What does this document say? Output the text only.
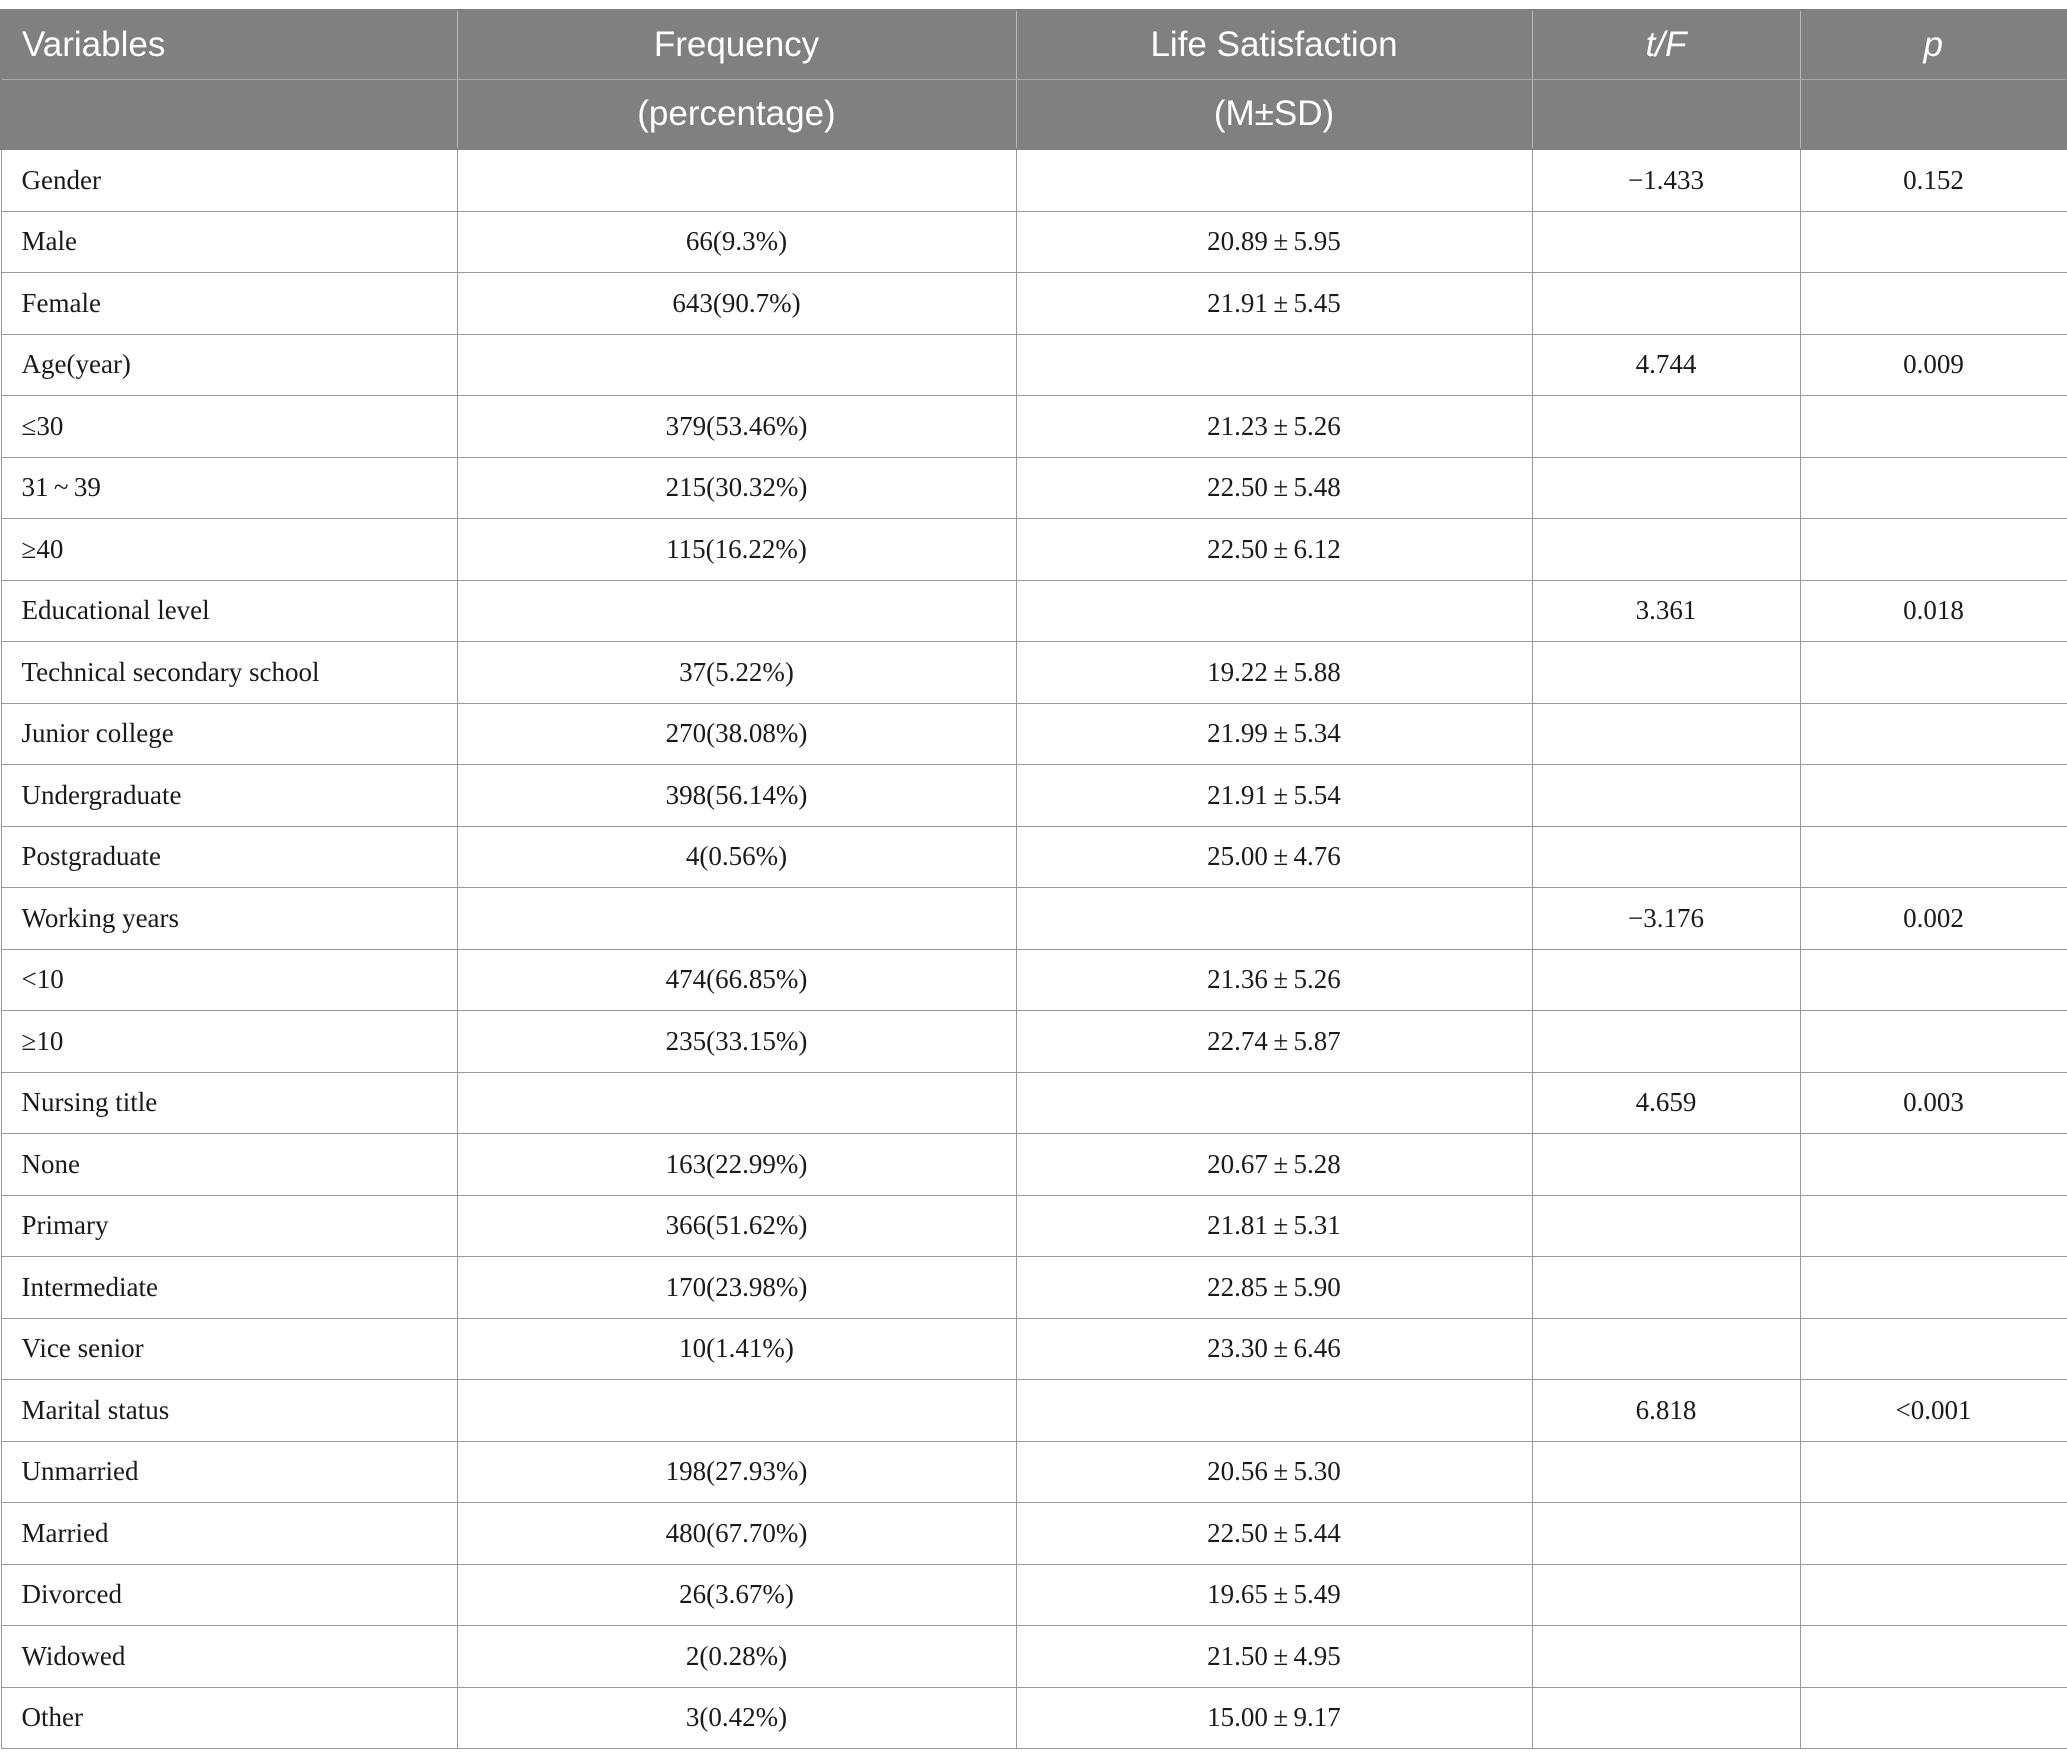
Variables	Frequency	Life Satisfaction	t/F	p
	(percentage)	(M±SD)		
Gender			−1.433	0.152
Male	66(9.3%)	20.89 ± 5.95		
Female	643(90.7%)	21.91 ± 5.45		
Age(year)			4.744	0.009
≤30	379(53.46%)	21.23 ± 5.26		
31 ~ 39	215(30.32%)	22.50 ± 5.48		
≥40	115(16.22%)	22.50 ± 6.12		
Educational level			3.361	0.018
Technical secondary school	37(5.22%)	19.22 ± 5.88		
Junior college	270(38.08%)	21.99 ± 5.34		
Undergraduate	398(56.14%)	21.91 ± 5.54		
Postgraduate	4(0.56%)	25.00 ± 4.76		
Working years			−3.176	0.002
<10	474(66.85%)	21.36 ± 5.26		
≥10	235(33.15%)	22.74 ± 5.87		
Nursing title			4.659	0.003
None	163(22.99%)	20.67 ± 5.28		
Primary	366(51.62%)	21.81 ± 5.31		
Intermediate	170(23.98%)	22.85 ± 5.90		
Vice senior	10(1.41%)	23.30 ± 6.46		
Marital status			6.818	<0.001
Unmarried	198(27.93%)	20.56 ± 5.30		
Married	480(67.70%)	22.50 ± 5.44		
Divorced	26(3.67%)	19.65 ± 5.49		
Widowed	2(0.28%)	21.50 ± 4.95		
Other	3(0.42%)	15.00 ± 9.17		
